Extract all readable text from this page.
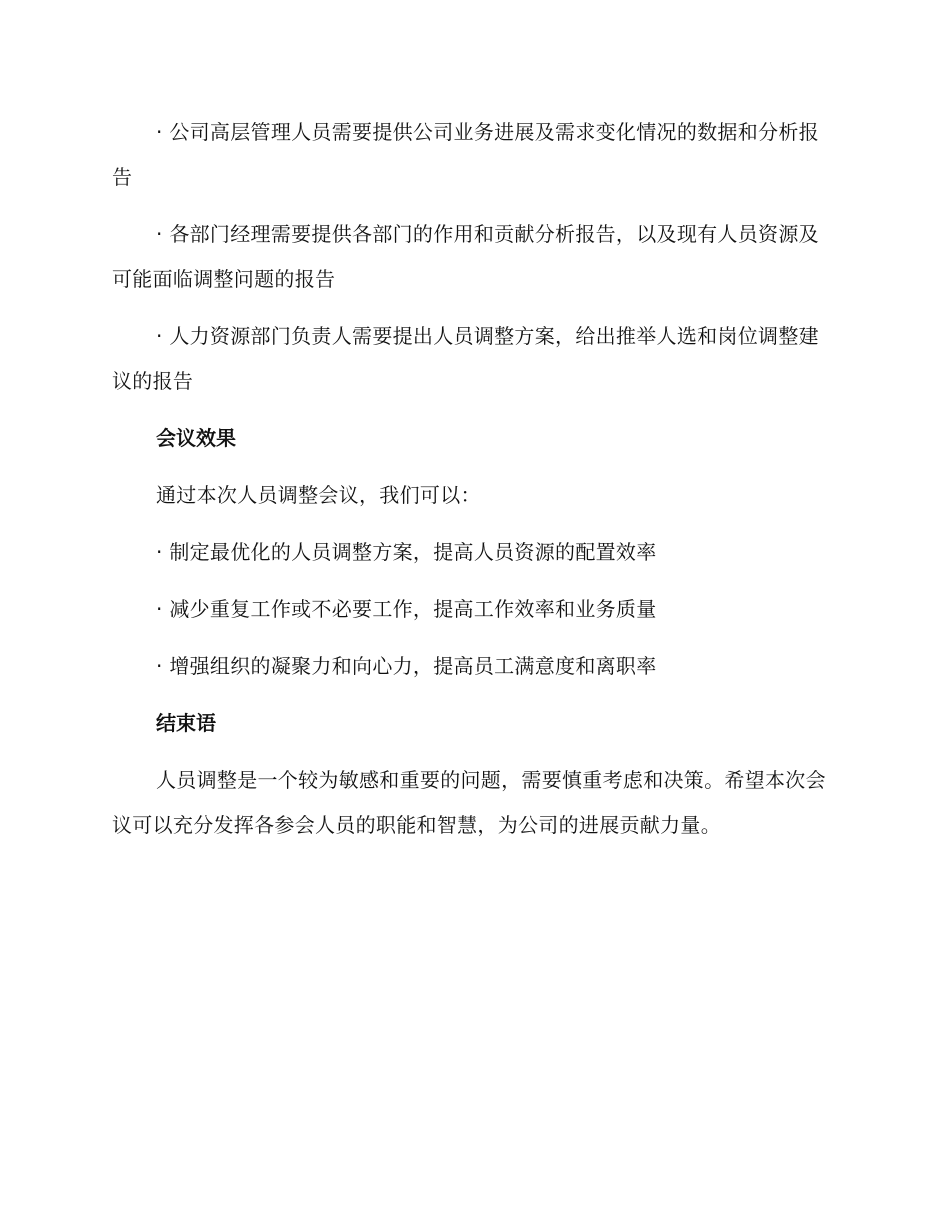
· 公司高层管理人员需要提供公司业务进展及需求变化情况的数据和分析报告

· 各部门经理需要提供各部门的作用和贡献分析报告，以及现有人员资源及可能面临调整问题的报告

· 人力资源部门负责人需要提出人员调整方案，给出推举人选和岗位调整建议的报告

会议效果

通过本次人员调整会议，我们可以：

· 制定最优化的人员调整方案，提高人员资源的配置效率

· 减少重复工作或不必要工作，提高工作效率和业务质量

· 增强组织的凝聚力和向心力，提高员工满意度和离职率

结束语

人员调整是一个较为敏感和重要的问题，需要慎重考虑和决策。希望本次会议可以充分发挥各参会人员的职能和智慧，为公司的进展贡献力量。
